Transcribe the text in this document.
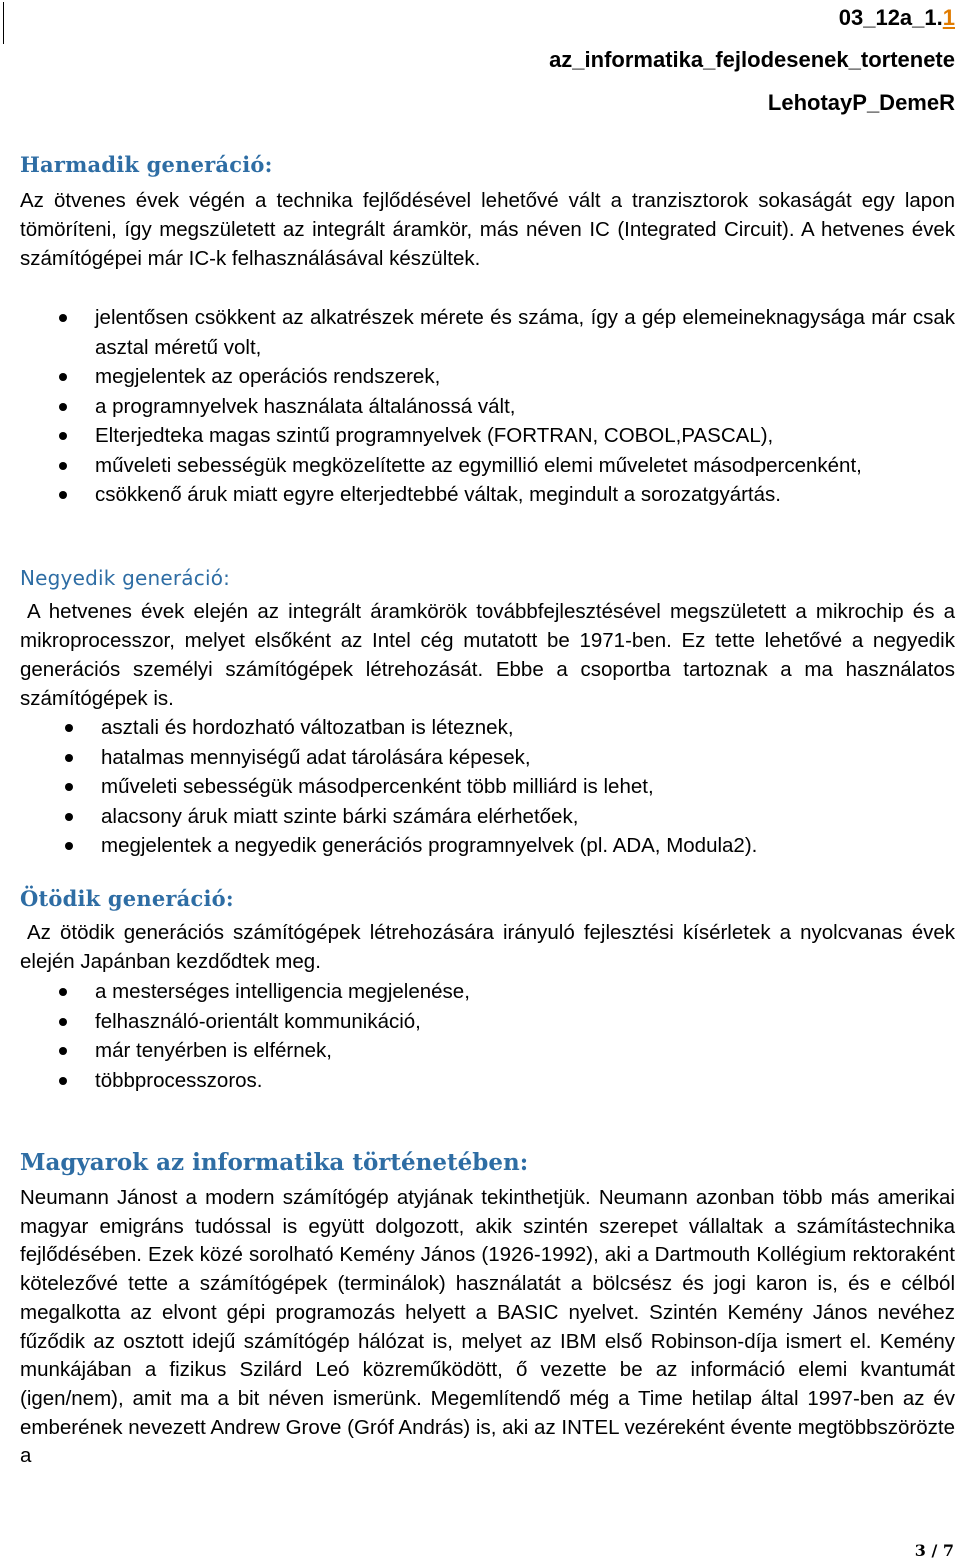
03_12a_1.1
az_informatika_fejlodesenek_tortenete
LehotayP_DemeR
Harmadik generáció:

Az ötvenes évek végén a technika fejlődésével lehetővé vált a tranzisztorok sokaságát egy lapon tömöríteni, így megszületett az integrált áramkör, más néven IC (Integrated Circuit). A hetvenes évek számítógépei már IC-k felhasználásával készültek.

jelentősen csökkent az alkatrészek mérete és száma, így a gép elemeineknagysága már csak asztal méretű volt,
megjelentek az operációs rendszerek,
a programnyelvek használata általánossá vált,
Elterjedteka magas szintű programnyelvek (FORTRAN, COBOL,PASCAL),
műveleti sebességük megközelítette az egymillió elemi műveletet másodpercenként,
csökkenő áruk miatt egyre elterjedtebbé váltak, megindult a sorozatgyártás.
Negyedik generáció:

A hetvenes évek elején az integrált áramkörök továbbfejlesztésével megszületett a mikrochip és a mikroprocesszor, melyet elsőként az Intel cég mutatott be 1971-ben. Ez tette lehetővé a negyedik generációs személyi számítógépek létrehozását. Ebbe a csoportba tartoznak a ma használatos számítógépek is.

asztali és hordozható változatban is léteznek,
hatalmas mennyiségű adat tárolására képesek,
műveleti sebességük másodpercenként több milliárd is lehet,
alacsony áruk miatt szinte bárki számára elérhetőek,
megjelentek a negyedik generációs programnyelvek (pl. ADA, Modula2).
Ötödik generáció:

Az ötödik generációs számítógépek létrehozására irányuló fejlesztési kísérletek a nyolcvanas évek elején Japánban kezdődtek meg.

a mesterséges intelligencia megjelenése,
felhasználó-orientált kommunikáció,
már tenyérben is elférnek,
többprocesszoros.
Magyarok az informatika történetében:

Neumann Jánost a modern számítógép atyjának tekinthetjük. Neumann azonban több más amerikai magyar emigráns tudóssal is együtt dolgozott, akik szintén szerepet vállaltak a számítástechnika fejlődésében. Ezek közé sorolható Kemény János (1926-1992), aki a Dartmouth Kollégium rektoraként kötelezővé tette a számítógépek (terminálok) használatát a bölcsész és jogi karon is, és e célból megalkotta az elvont gépi programozás helyett a BASIC nyelvet. Szintén Kemény János nevéhez fűződik az osztott idejű számítógép hálózat is, melyet az IBM első Robinson-díja ismert el. Kemény munkájában a fizikus Szilárd Leó közreműködött, ő vezette be az információ elemi kvantumát (igen/nem), amit ma a bit néven ismerünk. Megemlítendő még a Time hetilap által 1997-ben az év emberének nevezett Andrew Grove (Gróf András) is, aki az INTEL vezéreként évente megtöbbszörözte a

3 / 7
